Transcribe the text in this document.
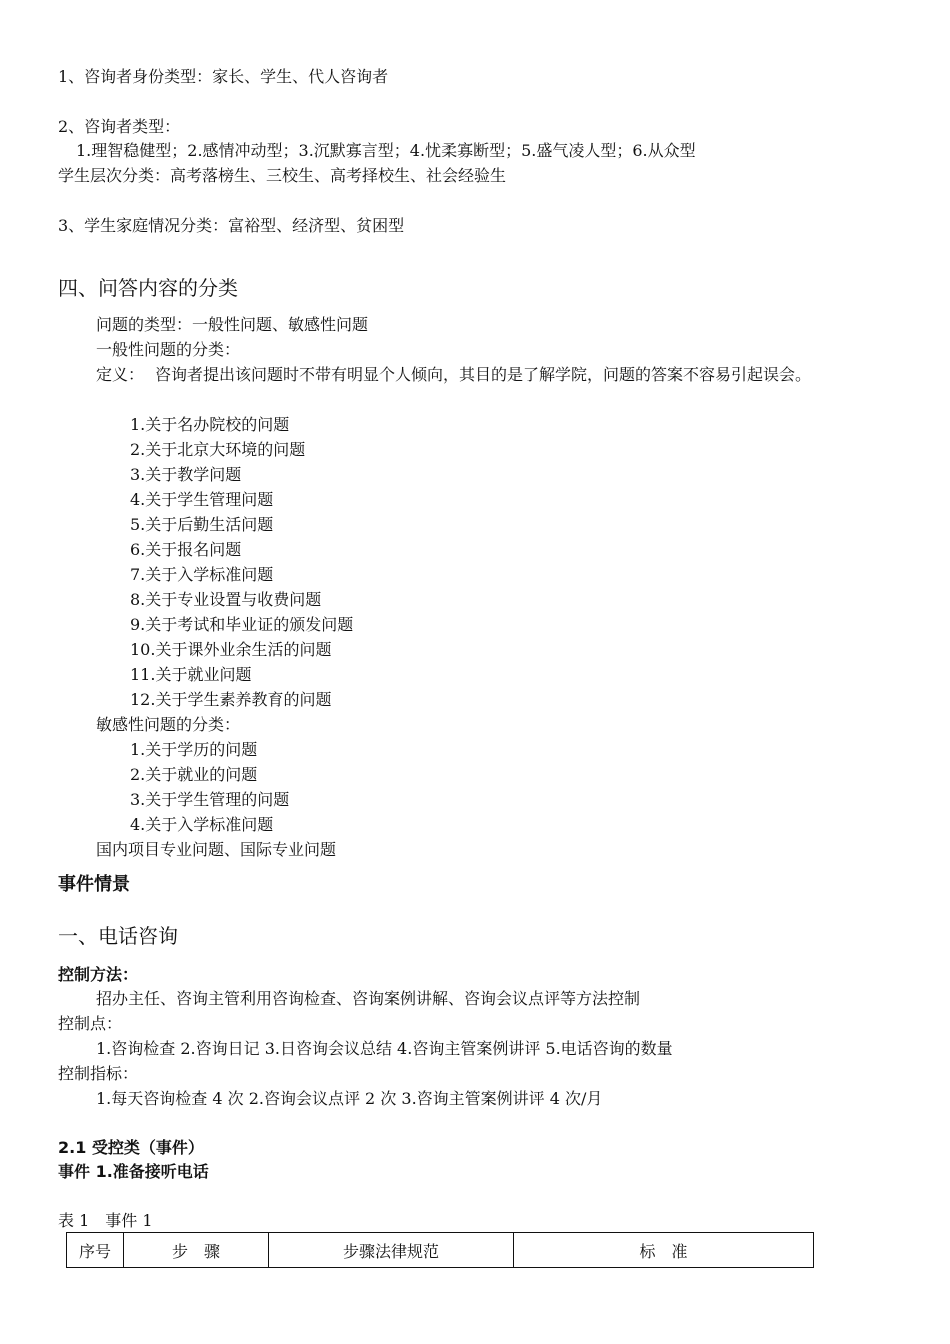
1、咨询者身份类型：家长、学生、代人咨询者
2、咨询者类型：
1.理智稳健型；2.感情冲动型；3.沉默寡言型；4.忧柔寡断型；5.盛气凌人型；6.从众型
学生层次分类：高考落榜生、三校生、高考择校生、社会经验生
3、学生家庭情况分类：富裕型、经济型、贫困型
四、问答内容的分类
问题的类型：一般性问题、敏感性问题
一般性问题的分类：
定义： 咨询者提出该问题时不带有明显个人倾向，其目的是了解学院，问题的答案不容易引起误会。
1.关于名办院校的问题
2.关于北京大环境的问题
3.关于教学问题
4.关于学生管理问题
5.关于后勤生活问题
6.关于报名问题
7.关于入学标准问题
8.关于专业设置与收费问题
9.关于考试和毕业证的颁发问题
10.关于课外业余生活的问题
11.关于就业问题
12.关于学生素养教育的问题
敏感性问题的分类：
1.关于学历的问题
2.关于就业的问题
3.关于学生管理的问题
4.关于入学标准问题
国内项目专业问题、国际专业问题
事件情景
一、电话咨询
控制方法：
招办主任、咨询主管利用咨询检查、咨询案例讲解、咨询会议点评等方法控制
控制点：
1.咨询检查 2.咨询日记 3.日咨询会议总结 4.咨询主管案例讲评 5.电话咨询的数量
控制指标：
1.每天咨询检查 4 次 2.咨询会议点评 2 次 3.咨询主管案例讲评 4 次/月
2.1 受控类（事件）
事件 1.准备接听电话
表 1　事件 1
序号	步　骤	步骤法律规范	标　准
